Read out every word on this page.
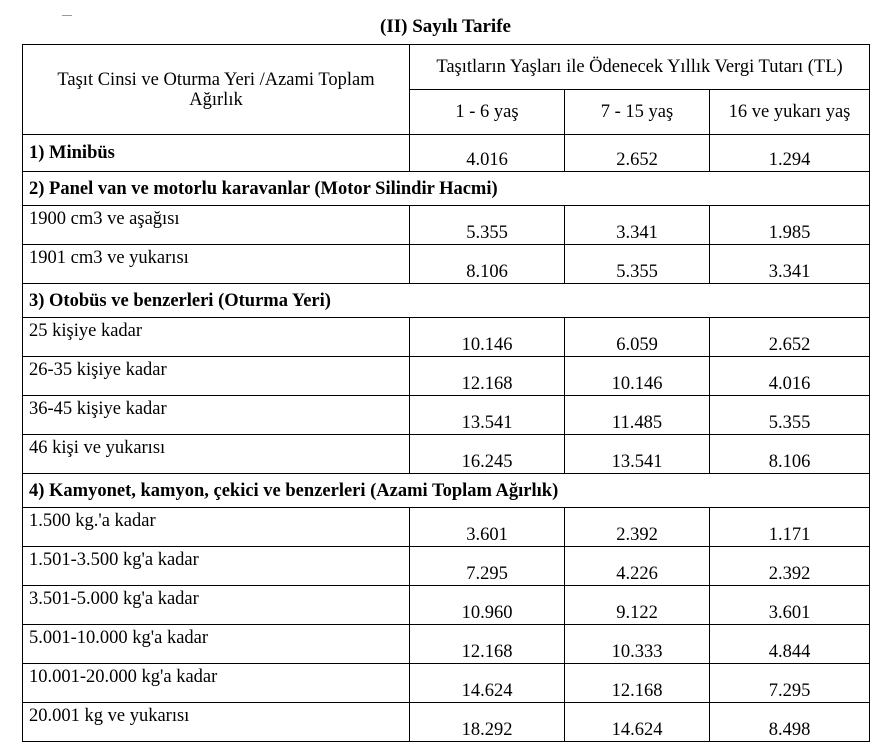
(II) Sayılı Tarife
Taşıt Cinsi ve Oturma Yeri /Azami Toplam Ağırlık	Taşıtların Yaşları ile Ödenecek Yıllık Vergi Tutarı (TL)		
	1 - 6 yaş	7 - 15 yaş	16 ve yukarı yaş
1) Minibüs	4.016	2.652	1.294
2) Panel van ve motorlu karavanlar (Motor Silindir Hacmi)			
1900 cm3 ve aşağısı	5.355	3.341	1.985
1901 cm3 ve yukarısı	8.106	5.355	3.341
3) Otobüs ve benzerleri (Oturma Yeri)			
25 kişiye kadar	10.146	6.059	2.652
26-35 kişiye kadar	12.168	10.146	4.016
36-45 kişiye kadar	13.541	11.485	5.355
46 kişi ve yukarısı	16.245	13.541	8.106
4) Kamyonet, kamyon, çekici ve benzerleri (Azami Toplam Ağırlık)			
1.500 kg.'a kadar	3.601	2.392	1.171
1.501-3.500 kg'a kadar	7.295	4.226	2.392
3.501-5.000 kg'a kadar	10.960	9.122	3.601
5.001-10.000 kg'a kadar	12.168	10.333	4.844
10.001-20.000 kg'a kadar	14.624	12.168	7.295
20.001 kg ve yukarısı	18.292	14.624	8.498
